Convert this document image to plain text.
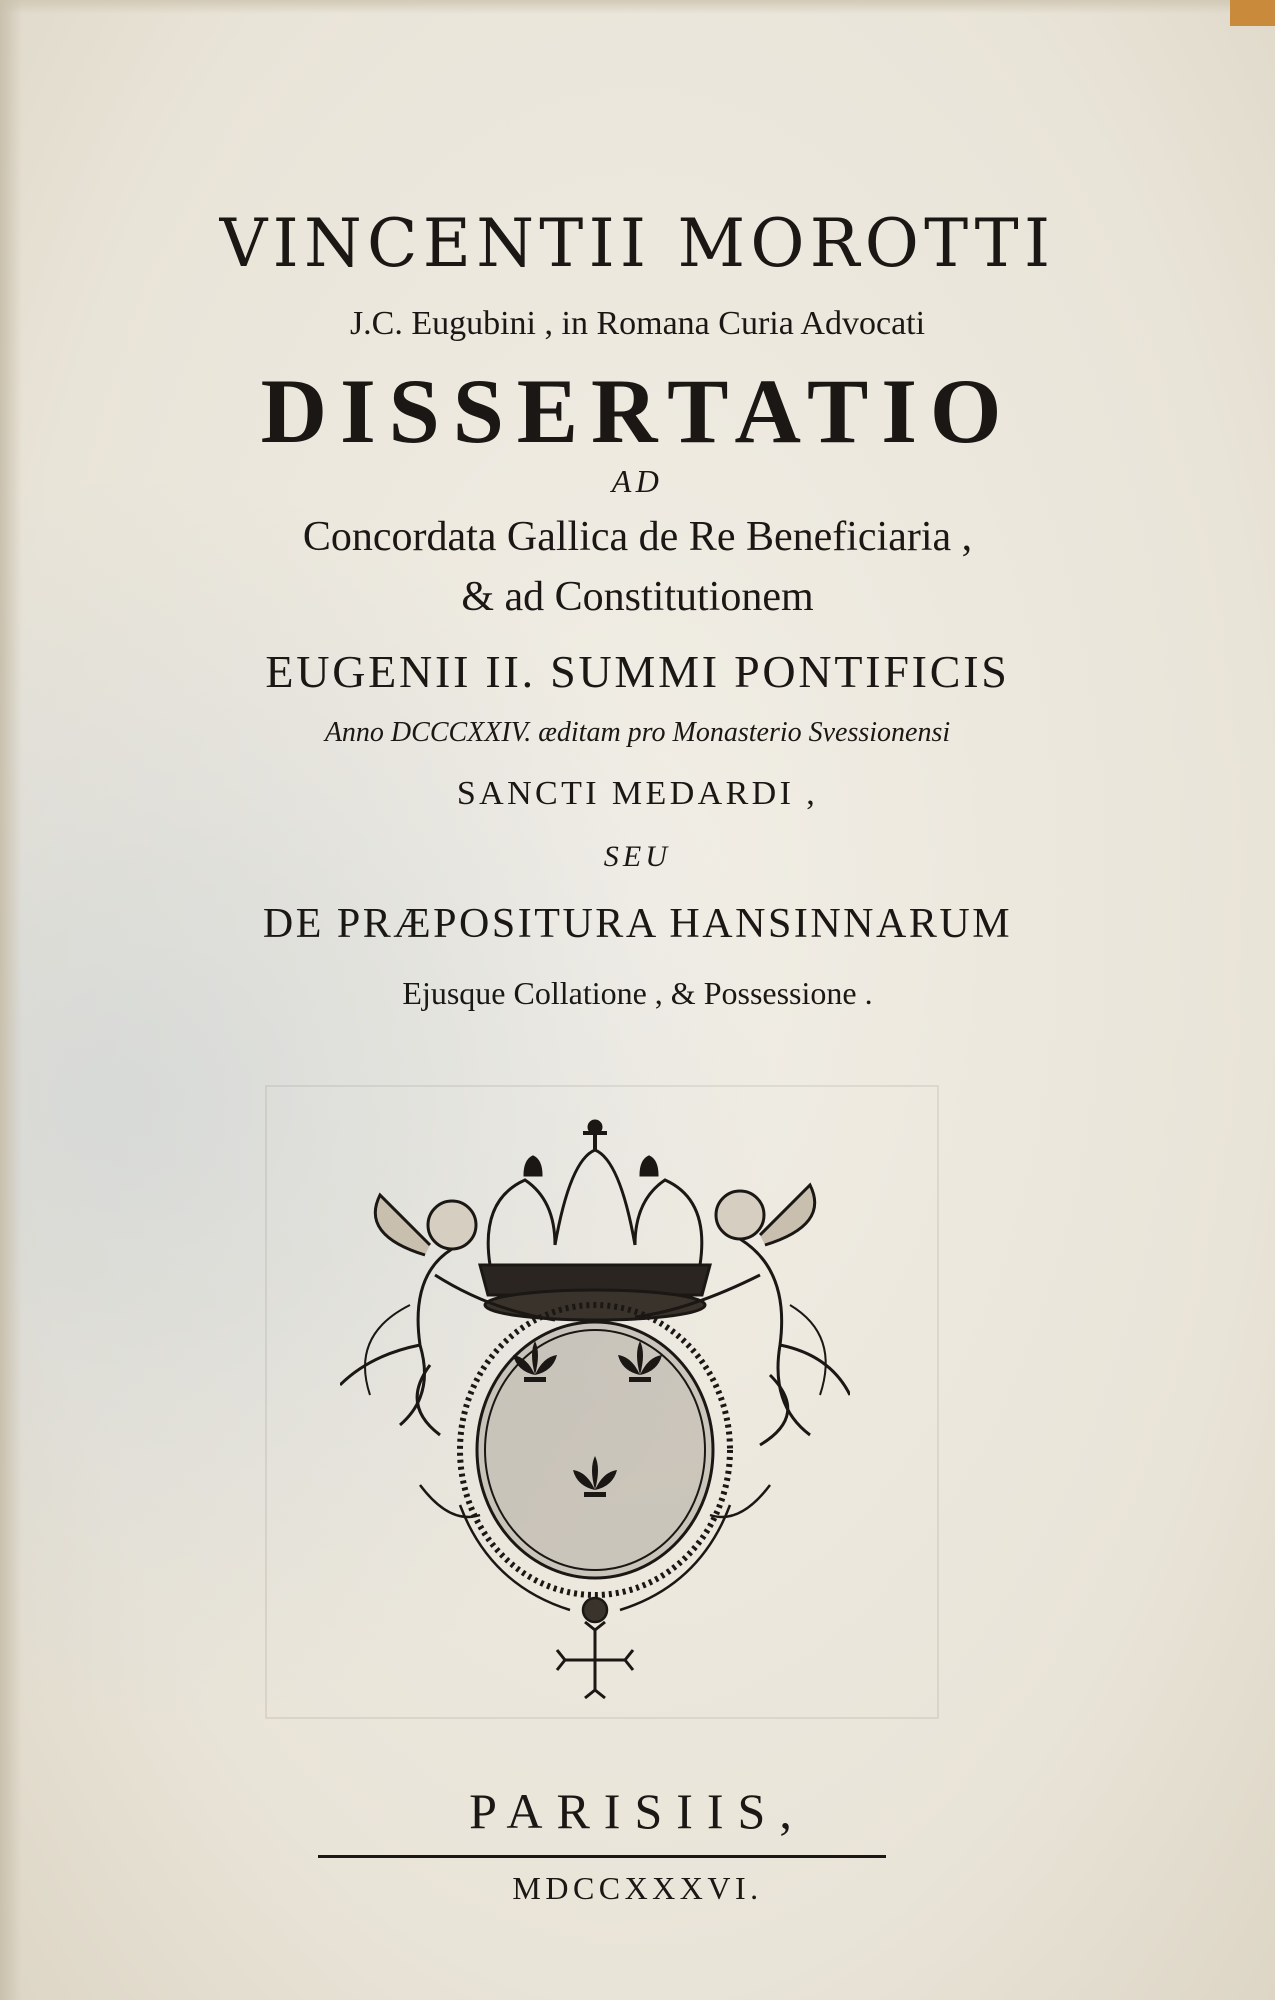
VINCENTII MOROTTI
J.C. Eugubini , in Romana Curia Advocati
DISSERTATIO
AD
Concordata Gallica de Re Beneficiaria ,
& ad Constitutionem
EUGENII II. SUMMI PONTIFICIS
Anno DCCCXXIV. æditam pro Monasterio Svessionensi
SANCTI MEDARDI ,
SEU
DE PRÆPOSITURA HANSINNARUM
Ejusque Collatione , & Possessione .
PARISIIS,
MDCCXXXVI.
